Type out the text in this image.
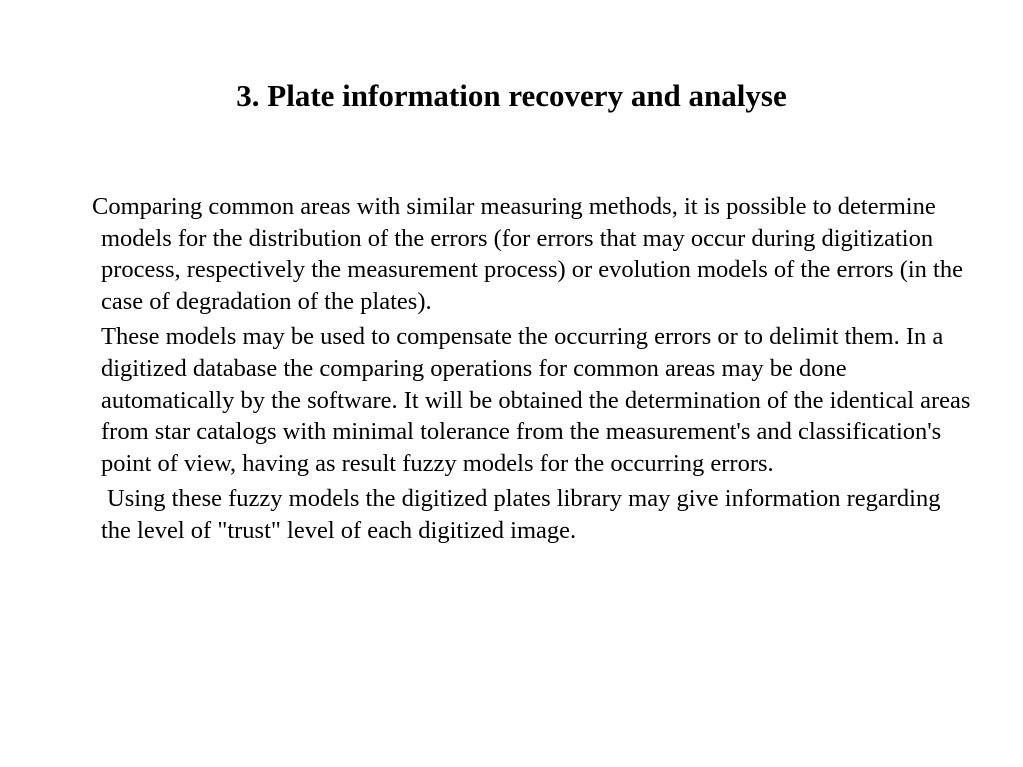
3. Plate information recovery and analyse

Comparing common areas with similar measuring methods, it is possible to determine models for the distribution of the errors (for errors that may occur during digitization process, respectively the measurement process) or evolution models of the errors (in the case of degradation of the plates).

These models may be used to compensate the occurring errors or to delimit them. In a digitized database the comparing operations for common areas may be done automatically by the software. It will be obtained the determination of the identical areas from star catalogs with minimal tolerance from the measurement's and classification's point of view, having as result fuzzy models for the occurring errors.

Using these fuzzy models the digitized plates library may give information regarding the level of "trust" level of each digitized image.
